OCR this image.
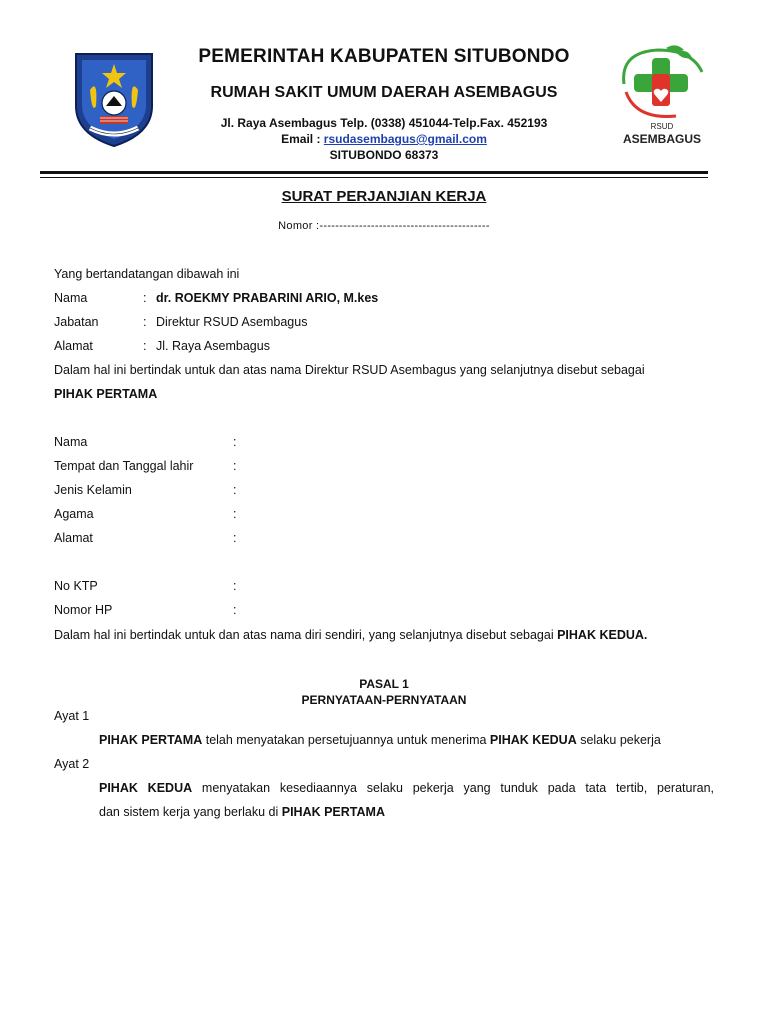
PEMERINTAH KABUPATEN SITUBONDO
RUMAH SAKIT UMUM DAERAH ASEMBAGUS
Jl. Raya Asembagus Telp. (0338) 451044-Telp.Fax. 452193
Email : rsudasembagus@gmail.com
SITUBONDO 68373
RSUD
ASEMBAGUS
SURAT PERJANJIAN KERJA
Nomor :-------------------------------------------
Yang bertandatangan dibawah ini
Nama	: dr. ROEKMY PRABARINI ARIO, M.kes
Jabatan	: Direktur RSUD Asembagus
Alamat	: Jl. Raya Asembagus
Dalam hal ini bertindak untuk dan atas nama Direktur RSUD Asembagus yang selanjutnya disebut sebagai
PIHAK PERTAMA
Nama	:
Tempat dan Tanggal lahir	:
Jenis Kelamin	:
Agama	:
Alamat	:
No KTP	:
Nomor HP	:
Dalam hal ini bertindak untuk dan atas nama diri sendiri, yang selanjutnya disebut sebagai PIHAK KEDUA.
PASAL 1
PERNYATAAN-PERNYATAAN
Ayat 1
PIHAK PERTAMA telah menyatakan persetujuannya untuk menerima PIHAK KEDUA selaku pekerja
Ayat 2
PIHAK KEDUA menyatakan kesediaannya selaku pekerja yang tunduk pada tata tertib, peraturan,
dan sistem kerja yang berlaku di PIHAK PERTAMA
